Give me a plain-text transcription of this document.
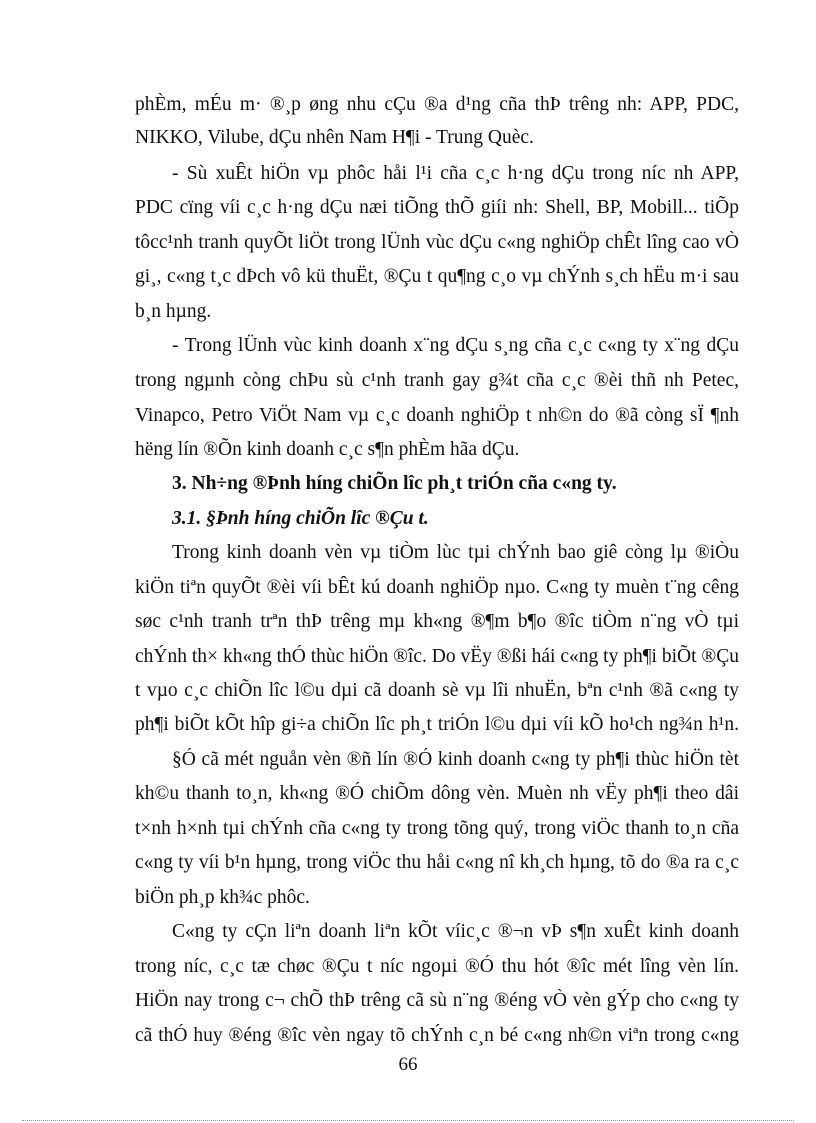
phÈm, mÉu m· ®¸p øng nhu cÇu ®a d¹ng cña thÞ trêng nh: APP, PDC,
NIKKO, Vilube, dÇu nhên Nam H¶i - Trung Quèc.
- Sù xuÊt hiÖn vµ phôc håi l¹i cña c¸c h·ng dÇu trong níc nh APP,
PDC cïng víi c¸c h·ng dÇu næi tiÕng thÕ giíi nh: Shell, BP, Mobill... tiÕp
tôcc¹nh tranh quyÕt liÖt trong lÜnh vùc dÇu c«ng nghiÖp chÊt lîng cao vÒ
gi¸, c«ng t¸c dÞch vô kü thuËt, ®Çu t qu¶ng c¸o vµ chÝnh s¸ch hËu m·i sau
b¸n hµng.
- Trong lÜnh vùc kinh doanh x¨ng dÇu s¸ng cña c¸c c«ng ty x¨ng dÇu
trong ngµnh còng chÞu sù c¹nh tranh gay g¾t cña c¸c ®èi thñ nh Petec,
Vinapco, Petro ViÖt Nam vµ c¸c doanh nghiÖp t nh©n do ®ã còng sÏ ¶nh
hëng lín ®Õn kinh doanh c¸c s¶n phÈm hãa dÇu.
3. Nh÷ng ®Þnh híng chiÕn lîc ph¸t triÓn cña c«ng ty.
3.1. §Þnh híng chiÕn lîc ®Çu t.
Trong kinh doanh vèn vµ tiÒm lùc tµi chÝnh bao giê còng lµ ®iÒu
kiÖn tiªn quyÕt ®èi víi bÊt kú doanh nghiÖp nµo. C«ng ty muèn t¨ng cêng
søc c¹nh tranh trªn thÞ trêng mµ kh«ng ®¶m b¶o ®îc tiÒm n¨ng vÒ tµi
chÝnh th× kh«ng thÓ thùc hiÖn ®îc. Do vËy ®ßi hái c«ng ty ph¶i biÕt ®Çu
t vµo c¸c chiÕn lîc l©u dµi cã doanh sè vµ lîi nhuËn, bªn c¹nh ®ã c«ng ty
ph¶i biÕt kÕt hîp gi÷a chiÕn lîc ph¸t triÓn l©u dµi víi kÕ ho¹ch ng¾n h¹n.
§Ó cã mét nguån vèn ®ñ lín ®Ó kinh doanh c«ng ty ph¶i thùc hiÖn tèt
kh©u thanh to¸n, kh«ng ®Ó chiÕm dông vèn. Muèn nh vËy ph¶i theo dâi
t×nh h×nh tµi chÝnh cña c«ng ty trong tõng quý, trong viÖc thanh to¸n cña
c«ng ty víi b¹n hµng, trong viÖc thu håi c«ng nî kh¸ch hµng, tõ do ®a ra c¸c
biÖn ph¸p kh¾c phôc.
C«ng ty cÇn liªn doanh liªn kÕt víic¸c ®¬n vÞ s¶n xuÊt kinh doanh
trong níc, c¸c tæ chøc ®Çu t níc ngoµi ®Ó thu hót ®îc mét lîng vèn lín.
HiÖn nay trong c¬ chÕ thÞ trêng cã sù n¨ng ®éng vÒ vèn gÝp cho c«ng ty
cã thÓ huy ®éng ®îc vèn ngay tõ chÝnh c¸n bé c«ng nh©n viªn trong c«ng
66
